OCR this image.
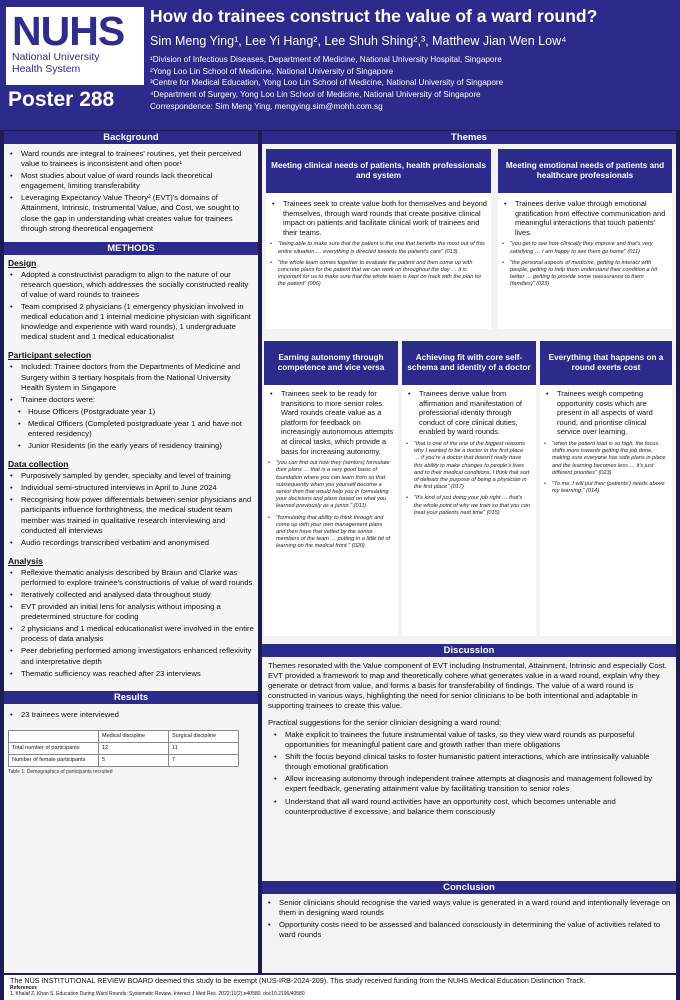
NUHS
National University
Health System
Poster 288
How do trainees construct the value of a ward round?
Sim Meng Ying¹, Lee Yi Hang², Lee Shuh Shing²,³, Matthew Jian Wen Low⁴
¹Division of Infectious Diseases, Department of Medicine, National University Hospital, Singapore
²Yong Loo Lin School of Medicine, National University of Singapore
³Centre for Medical Education, Yong Loo Lin School of Medicine, National University of Singapore
⁴Department of Surgery, Yong Loo Lin School of Medicine, National University of Singapore
Correspondence: Sim Meng Ying, mengying.sim@mohh.com.sg
Background
• Ward rounds are integral to trainees' routines, yet their perceived value to trainees is inconsistent and often poor¹
• Most studies about value of ward rounds lack theoretical engagement, limiting transferability
• Leveraging Expectancy Value Theory² (EVT)'s domains of Attainment, Intrinsic, Instrumental Value, and Cost, we sought to close the gap in understanding what creates value for trainees through strong theoretical engagement
METHODS
Design
• Adopted a constructivist paradigm to align to the nature of our research question, which addresses the socially constructed reality of value of ward rounds to trainees
• Team comprised 2 physicians (1 emergency physician involved in medical education and 1 internal medicine physician with significant knowledge and experience with ward rounds), 1 undergraduate medical student and 1 medical educationalist
Participant selection
• Included: Trainee doctors from the Departments of Medicine and Surgery within 3 tertiary hospitals from the National University Health System in Singapore
• Trainee doctors were:
• House Officers (Postgraduate year 1)
• Medical Officers (Completed postgraduate year 1 and have not entered residency)
• Junior Residents (in the early years of residency training)
Data collection
• Purposively sampled by gender, specialty and level of training
• Individual semi-structured interviews in April to June 2024
• Recognising how power differentials between senior physicians and participants influence forthrightness, the medical student team member was trained in qualitative research interviewing and conducted all interviews
• Audio recordings transcribed verbatim and anonymised
Analysis
• Reflexive thematic analysis described by Braun and Clarke was performed to explore trainee's constructions of value of ward rounds
• Iteratively collected and analysed data throughout study
• EVT provided an initial lens for analysis without imposing a predetermined structure for coding
• 2 physicians and 1 medical educationalist were involved in the entire process of data analysis
• Peer debriefing performed among investigators enhanced reflexivity and interpretative depth
• Thematic sufficiency was reached after 23 interviews
Results
• 23 trainees were interviewed
	Medical discipline	Surgical discipline
Total number of participants	12	11
Number of female participants	5	7
Table 1: Demographics of participants recruited
Themes
Meeting clinical needs of patients, health professionals and system
• Trainees seek to create value both for themselves and beyond themselves, through ward rounds that create positive clinical impact on patients and facilitate clinical work of trainees and their teams.
• "being able to make sure that the patient is the one that benefits the most out of this entire situation … everything is directed towards the patient's care" (013)
• "the whole team comes together to evaluate the patient and then come up with concrete plans for the patient that we can work on throughout the day … it is important for us to make sure that the whole team is kept on track with the plan for the patient" (006)
Meeting emotional needs of patients and healthcare professionals
• Trainees derive value through emotional gratification from effective communication and meaningful interactions that touch patients' lives.
• "you get to see how clinically they improve and that's very satisfying … I am happy to see them go home" (011)
• "the personal aspects of medicine, getting to interact with people, getting to help them understand their condition a bit better … getting to provide some reassurance to them (families)" (023)
Earning autonomy through competence and vice versa
• Trainees seek to be ready for transitions to more senior roles. Ward rounds create value as a platform for feedback on increasingly autonomous attempts at clinical tasks, which provide a basis for increasing autonomy.
• "you can find out how they (seniors) formulate their plans … that is a very good basis of foundation where you can learn from so that subsequently when you yourself become a senior then that would help you in formulating your decisions and plans based on what you learned previously as a junior." (011)
• "formulating that ability to think through and come up with your own management plans and then have that vetted by the senior members of the team … putting in a little bit of learning on the medical front." (020)
Achieving fit with core self-schema and identity of a doctor
• Trainees derive value from affirmation and manifestation of professional identity through conduct of core clinical duties, enabled by ward rounds.
• "that is one of the one of the biggest reasons why I wanted to be a doctor in the first place … if you're a doctor that doesn't really have this ability to make changes to people's lives and to their medical conditions, I think that sort of defeats the purpose of being a physician in the first place" (017)
• "It's kind of just doing your job right … that's the whole point of why we train so that you can treat your patients next time" (015)
Everything that happens on a round exerts cost
• Trainees weigh competing opportunity costs which are present in all aspects of ward round, and prioritise clinical service over learning.
• "when the patient load is so high, the focus shifts more towards getting the job done, making sure everyone has safe plans in place and the learning becomes less … it's just different priorities" (023)
• "To me, I will put their (patients') needs above my learning." (014)
Discussion

Themes resonated with the Value component of EVT including Instrumental, Attainment, Intrinsic and especially Cost. EVT provided a framework to map and theoretically cohere what generates value in a ward round, explain why they generate or detract from value, and forms a basis for transferability of findings. The value of a ward round is constructed in various ways, highlighting the need for senior clinicians to be both intentional and adaptable in supporting trainees to create this value.

Practical suggestions for the senior clinician designing a ward round:

• Make explicit to trainees the future instrumental value of tasks, so they view ward rounds as purposeful opportunities for meaningful patient care and growth rather than mere obligations
• Shift the focus beyond clinical tasks to foster humanistic patient interactions, which are intrinsically valuable through emotional gratification
• Allow increasing autonomy through independent trainee attempts at diagnosis and management followed by expert feedback, generating attainment value by facilitating transition to senior roles
• Understand that all ward round activities have an opportunity cost, which becomes untenable and counterproductive if excessive, and balance them consciously
Conclusion
• Senior clinicians should recognise the varied ways value is generated in a ward round and intentionally leverage on them in designing ward rounds
• Opportunity costs need to be assessed and balanced consciously in determining the value of activities related to ward rounds
The NUS INSTITUTIONAL REVIEW BOARD deemed this study to be exempt (NUS-IRB-2024-209). This study received funding from the NUHS Medical Education Distinction Track.
References
1. Khalaf Z, Khan S. Education During Ward Rounds: Systematic Review. Interact J Med Res. 2022;11(2):e40580. doi:10.2196/40580
